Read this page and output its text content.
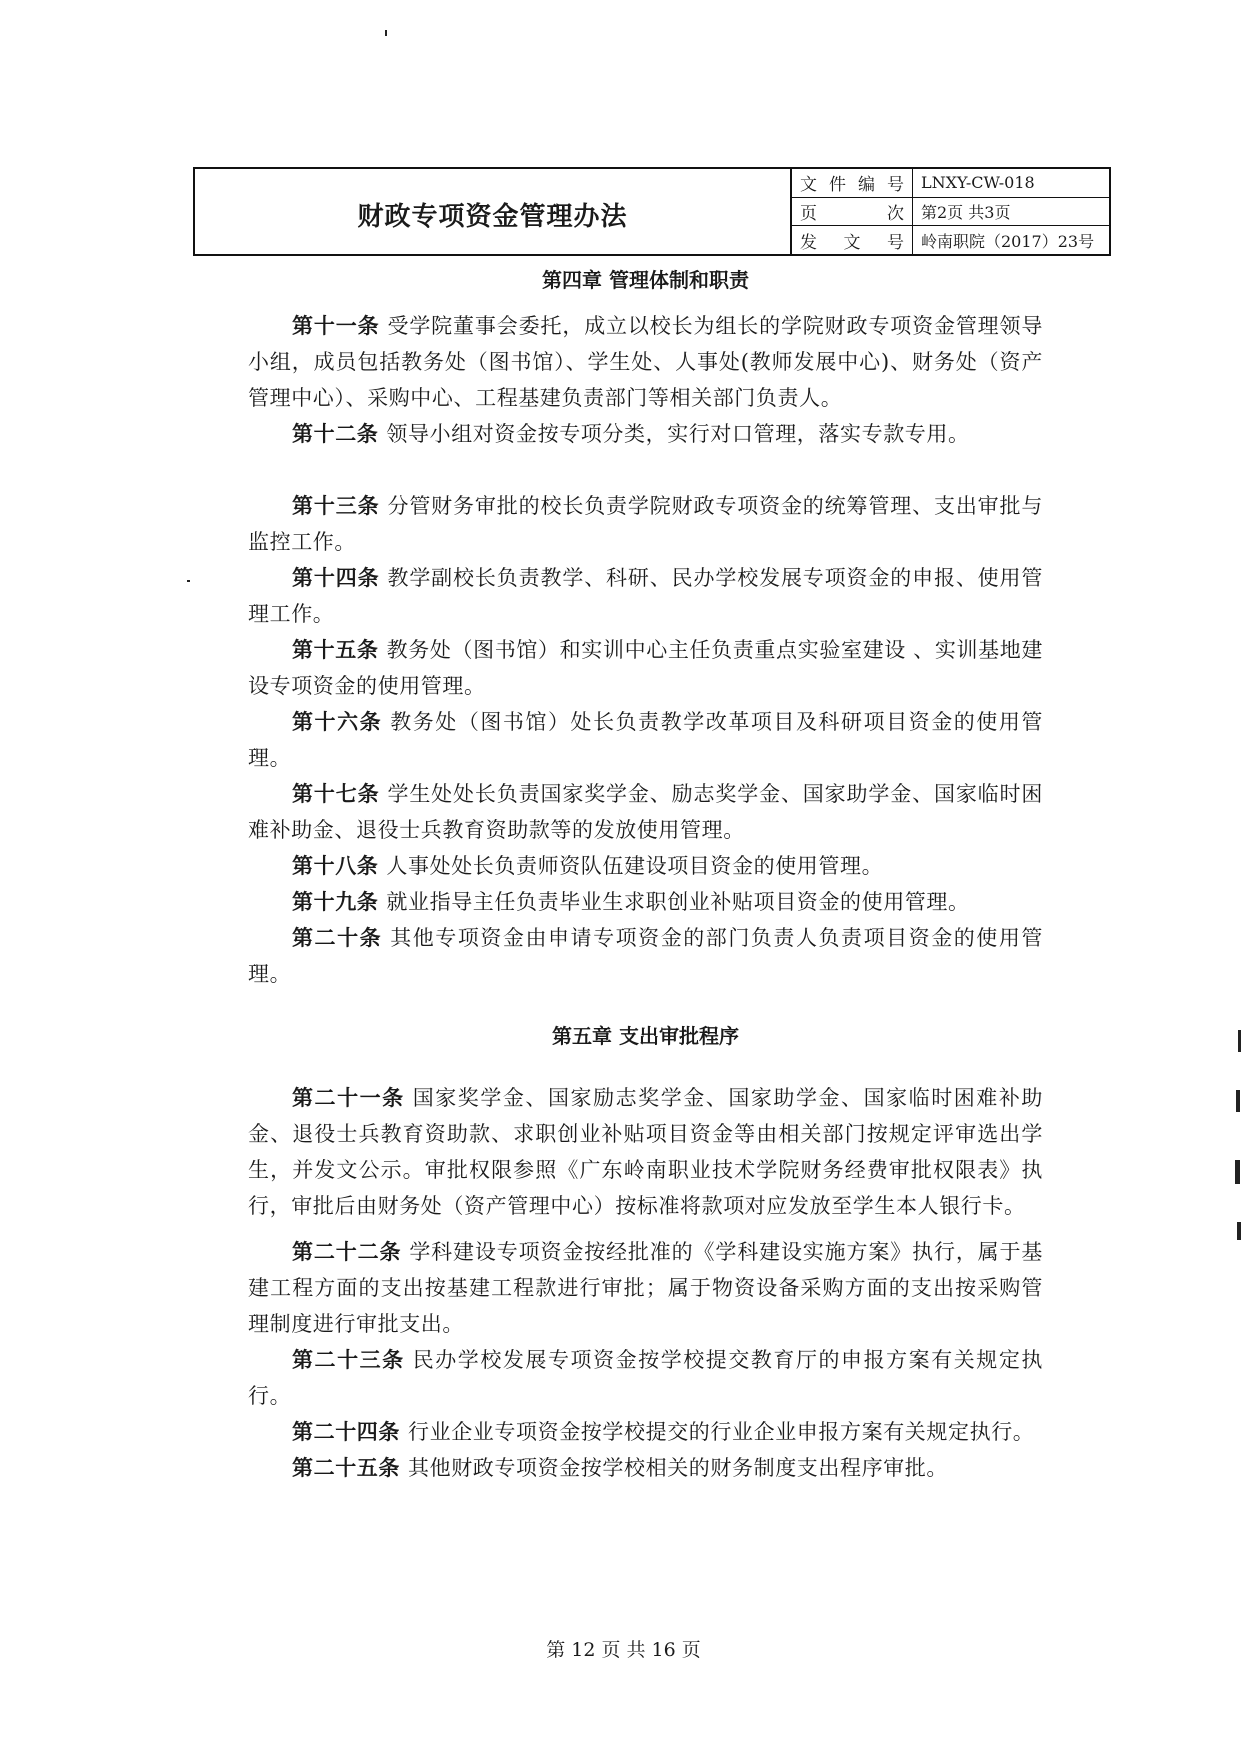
财政专项资金管理办法
文 件 编 号	LNXY-CW-018
页	次	第2页 共3页
发 文 号	岭南职院（2017）23号

第四章 管理体制和职责

第十一条 受学院董事会委托，成立以校长为组长的学院财政专项资金管理领导小组，成员包括教务处（图书馆）、学生处、人事处(教师发展中心)、财务处（资产管理中心）、采购中心、工程基建负责部门等相关部门负责人。

第十二条 领导小组对资金按专项分类，实行对口管理，落实专款专用。

第十三条 分管财务审批的校长负责学院财政专项资金的统筹管理、支出审批与监控工作。

第十四条 教学副校长负责教学、科研、民办学校发展专项资金的申报、使用管理工作。

第十五条 教务处（图书馆）和实训中心主任负责重点实验室建设 、实训基地建设专项资金的使用管理。

第十六条 教务处（图书馆）处长负责教学改革项目及科研项目资金的使用管理。

第十七条 学生处处长负责国家奖学金、励志奖学金、国家助学金、国家临时困难补助金、退役士兵教育资助款等的发放使用管理。

第十八条 人事处处长负责师资队伍建设项目资金的使用管理。

第十九条 就业指导主任负责毕业生求职创业补贴项目资金的使用管理。

第二十条 其他专项资金由申请专项资金的部门负责人负责项目资金的使用管理。

第五章 支出审批程序

第二十一条 国家奖学金、国家励志奖学金、国家助学金、国家临时困难补助金、退役士兵教育资助款、求职创业补贴项目资金等由相关部门按规定评审选出学生，并发文公示。审批权限参照《广东岭南职业技术学院财务经费审批权限表》执行，审批后由财务处（资产管理中心）按标准将款项对应发放至学生本人银行卡。

第二十二条 学科建设专项资金按经批准的《学科建设实施方案》执行，属于基建工程方面的支出按基建工程款进行审批；属于物资设备采购方面的支出按采购管理制度进行审批支出。

第二十三条 民办学校发展专项资金按学校提交教育厅的申报方案有关规定执行。

第二十四条 行业企业专项资金按学校提交的行业企业申报方案有关规定执行。

第二十五条 其他财政专项资金按学校相关的财务制度支出程序审批。

第 12 页 共 16 页
